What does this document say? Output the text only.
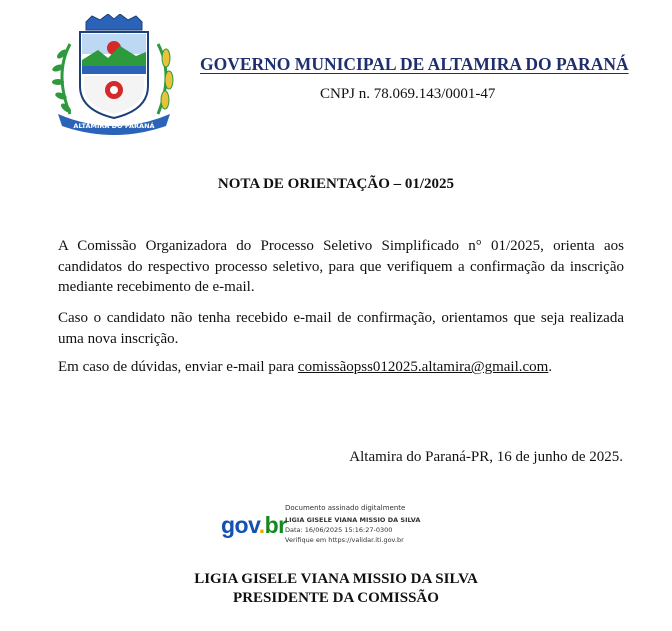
ALTAMIRA DO PARANÁ
GOVERNO MUNICIPAL DE ALTAMIRA DO PARANÁ
CNPJ n. 78.069.143/0001-47
NOTA DE ORIENTAÇÃO – 01/2025
A Comissão Organizadora do Processo Seletivo Simplificado n° 01/2025, orienta aos candidatos do respectivo processo seletivo, para que verifiquem a confirmação da inscrição mediante recebimento de e-mail.
Caso o candidato não tenha recebido e-mail de confirmação, orientamos que seja realizada uma nova inscrição.
Em caso de dúvidas, enviar e-mail para comissãopss012025.altamira@gmail.com.
Altamira do Paraná-PR, 16 de junho de 2025.
gov.br
Documento assinado digitalmente
LIGIA GISELE VIANA MISSIO DA SILVA
Data: 16/06/2025 15:16:27-0300
Verifique em https://validar.iti.gov.br
LIGIA GISELE VIANA MISSIO DA SILVA
PRESIDENTE DA COMISSÃO
